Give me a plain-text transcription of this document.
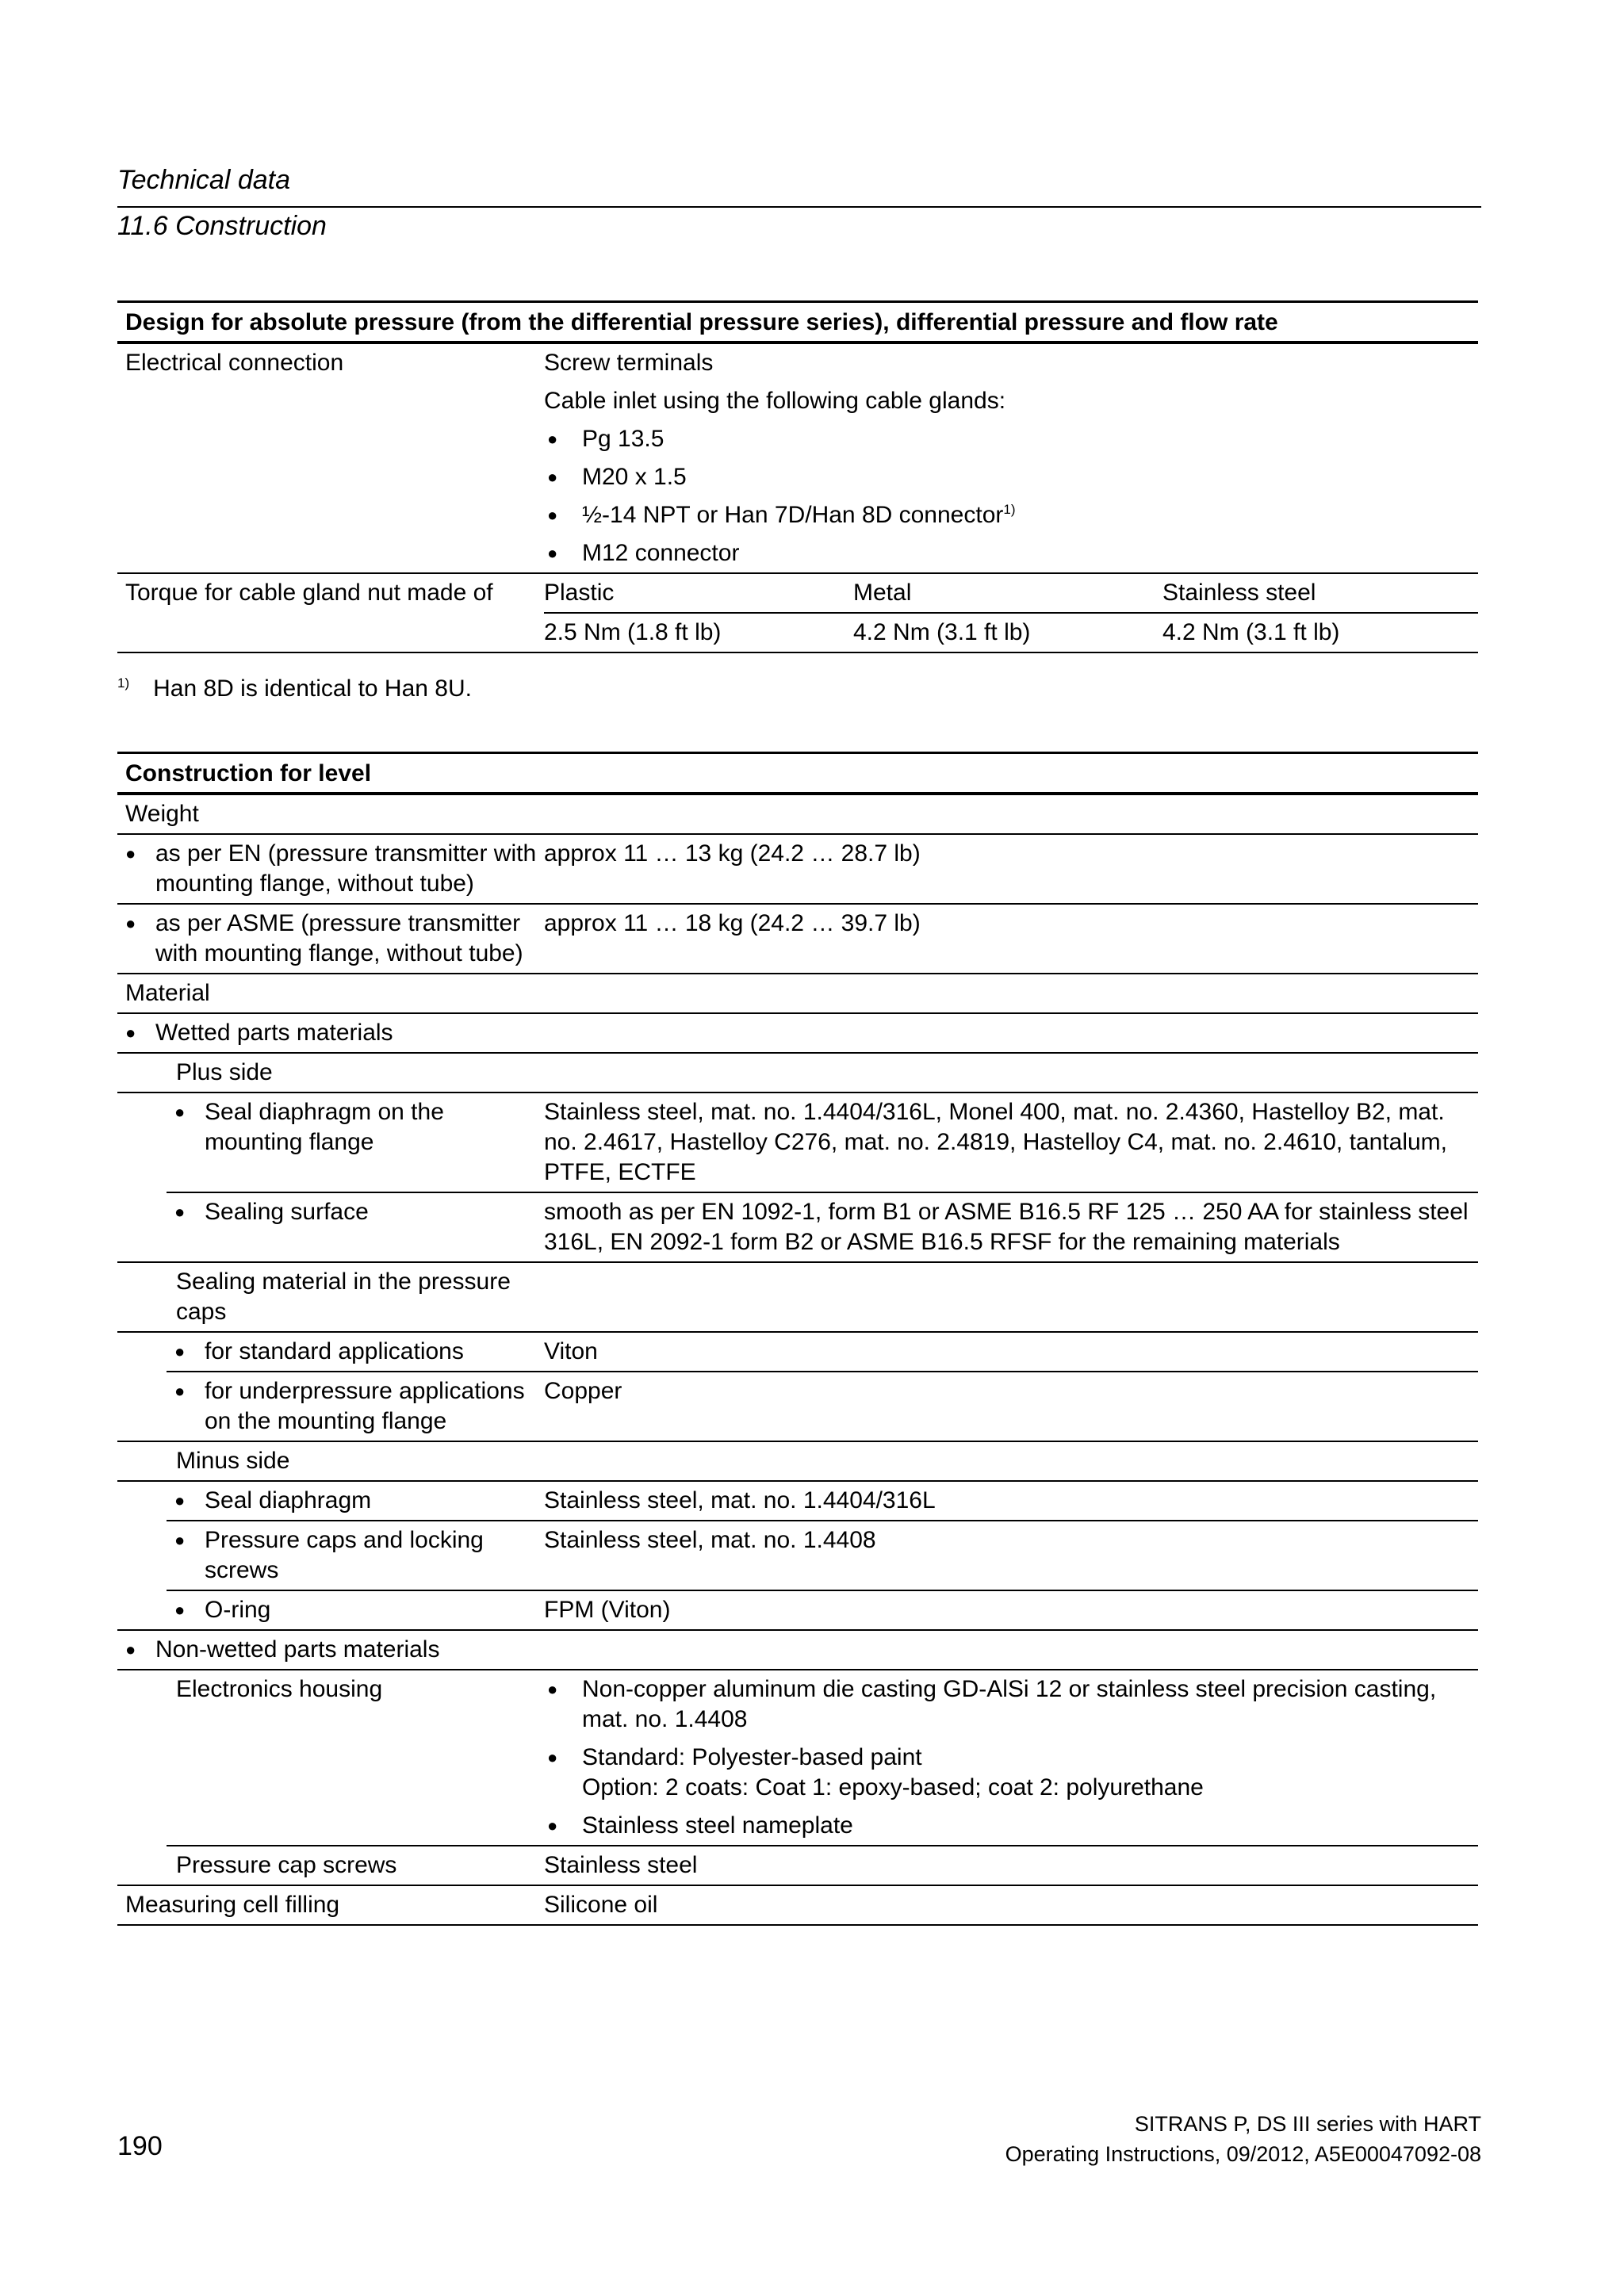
Technical data
11.6 Construction
Design for absolute pressure (from the differential pressure series), differential pressure and flow rate
Electrical connection	Screw terminals
Cable inlet using the following cable glands:
● Pg 13.5
● M20 x 1.5
● ½-14 NPT or Han 7D/Han 8D connector$^{1)}$
● M12 connector
Torque for cable gland nut made of	Plastic	Metal	Stainless steel
2.5 Nm (1.8 ft lb)	4.2 Nm (3.1 ft lb)	4.2 Nm (3.1 ft lb)
$^{1)}$ Han 8D is identical to Han 8U.
Construction for level
Weight
● as per EN (pressure transmitter with mounting flange, without tube)
approx 11 … 13 kg (24.2 … 28.7 lb)
● as per ASME (pressure transmitter with mounting flange, without tube)
approx 11 … 18 kg (24.2 … 39.7 lb)
Material
● Wetted parts materials
Plus side
● Seal diaphragm on the mounting flange
Stainless steel, mat. no. 1.4404/316L, Monel 400, mat. no. 2.4360, Hastelloy B2, mat. no. 2.4617, Hastelloy C276, mat. no. 2.4819, Hastelloy C4, mat. no. 2.4610, tantalum, PTFE, ECTFE
● Sealing surface	smooth as per EN 1092-1, form B1 or ASME B16.5 RF 125 … 250 AA for stainless steel 316L, EN 2092-1 form B2 or ASME B16.5 RFSF for the remaining materials
Sealing material in the pressure caps
● for standard applications	Viton
● for underpressure applications on the mounting flange
Copper
Minus side
● Seal diaphragm	Stainless steel, mat. no. 1.4404/316L
● Pressure caps and locking screws
Stainless steel, mat. no. 1.4408
● O-ring	FPM (Viton)
● Non-wetted parts materials
Electronics housing
●	Non-copper aluminum die casting GD-AlSi 12 or stainless steel precision casting, mat. no. 1.4408
● Standard: Polyester-based paint
Option: 2 coats: Coat 1: epoxy-based; coat 2: polyurethane
● Stainless steel nameplate
Pressure cap screws	Stainless steel
Measuring cell filling	Silicone oil
SITRANS P, DS III series with HART
Operating Instructions, 09/2012, A5E00047092-08
190
